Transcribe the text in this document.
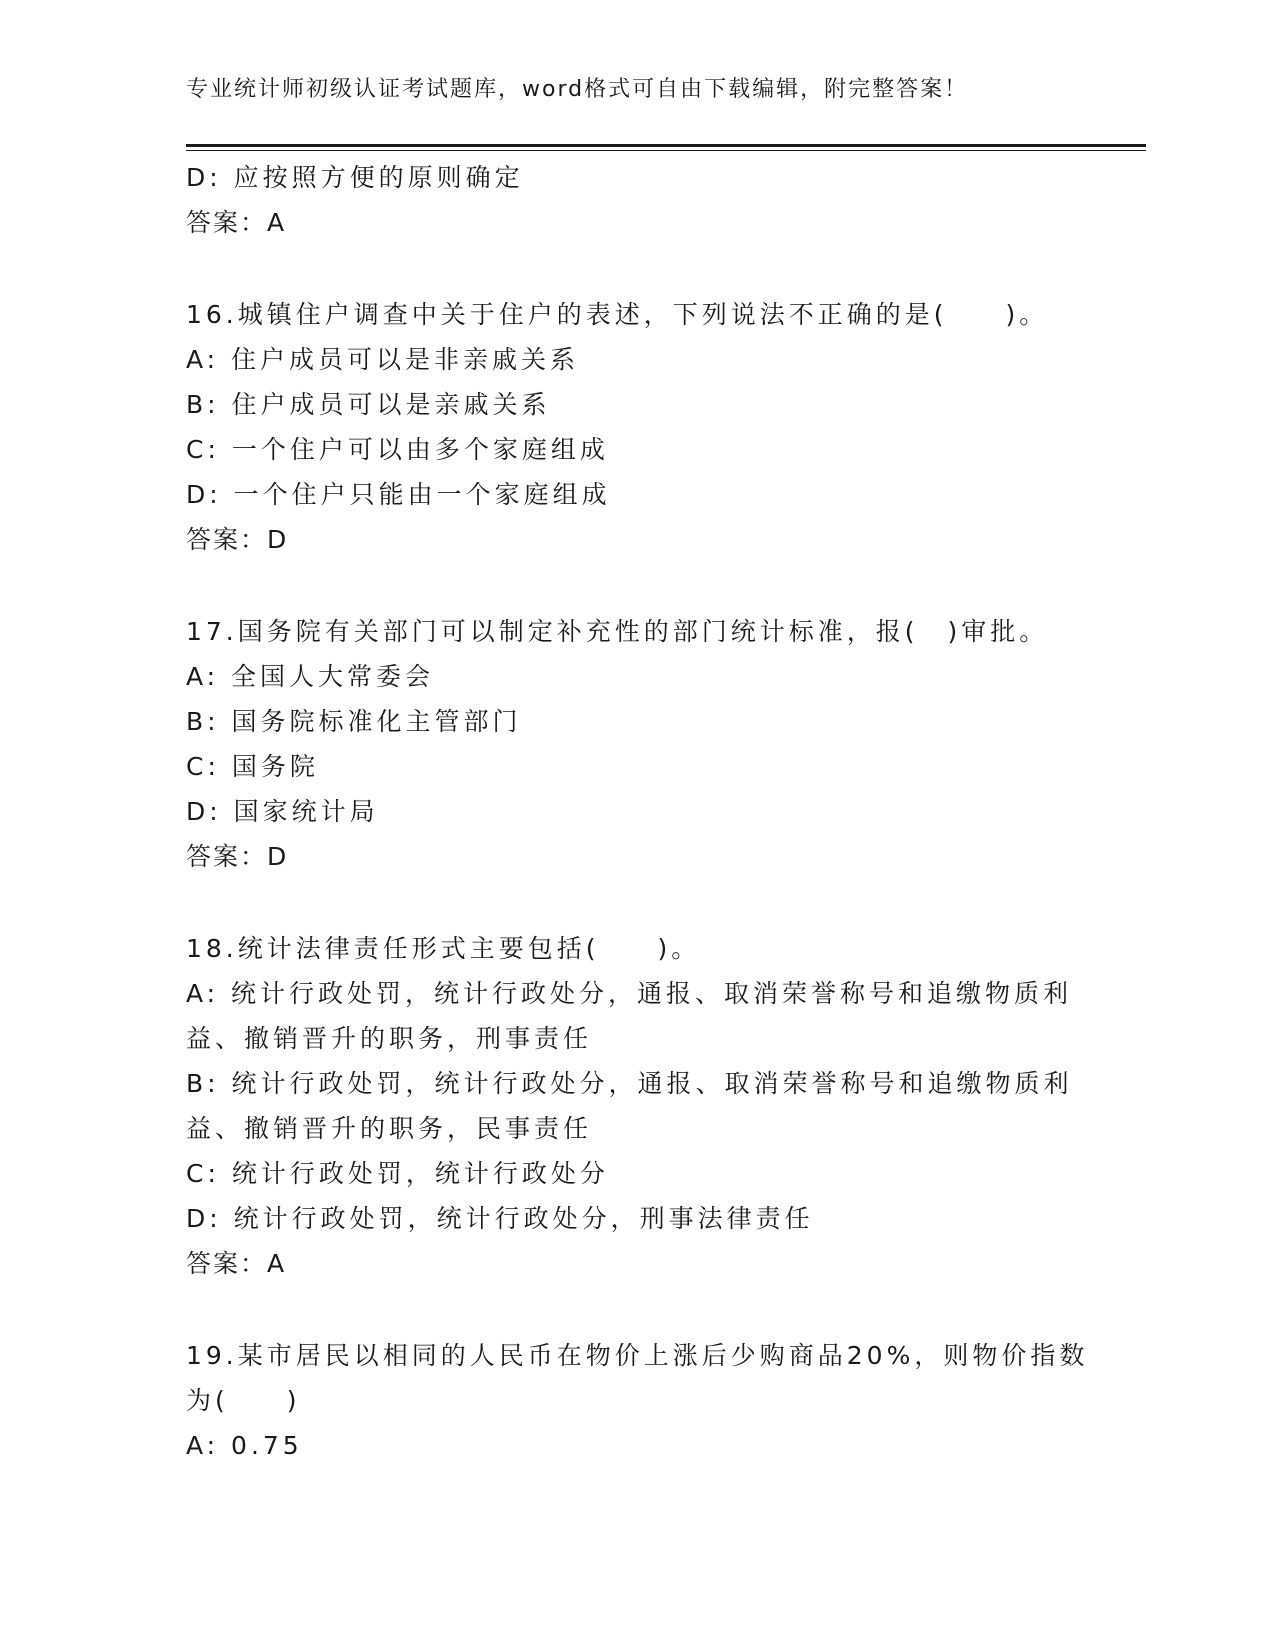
专业统计师初级认证考试题库，word格式可自由下载编辑，附完整答案！
D: 应按照方便的原则确定
答案：A
16.城镇住户调查中关于住户的表述，下列说法不正确的是(　　)。
A: 住户成员可以是非亲戚关系
B: 住户成员可以是亲戚关系
C: 一个住户可以由多个家庭组成
D: 一个住户只能由一个家庭组成
答案：D
17.国务院有关部门可以制定补充性的部门统计标准，报(　)审批。
A: 全国人大常委会
B: 国务院标准化主管部门
C: 国务院
D: 国家统计局
答案：D
18.统计法律责任形式主要包括(　　)。
A: 统计行政处罚，统计行政处分，通报、取消荣誉称号和追缴物质利
益、撤销晋升的职务，刑事责任
B: 统计行政处罚，统计行政处分，通报、取消荣誉称号和追缴物质利
益、撤销晋升的职务，民事责任
C: 统计行政处罚，统计行政处分
D: 统计行政处罚，统计行政处分，刑事法律责任
答案：A
19.某市居民以相同的人民币在物价上涨后少购商品20%，则物价指数
为(　　)
A: 0.75
